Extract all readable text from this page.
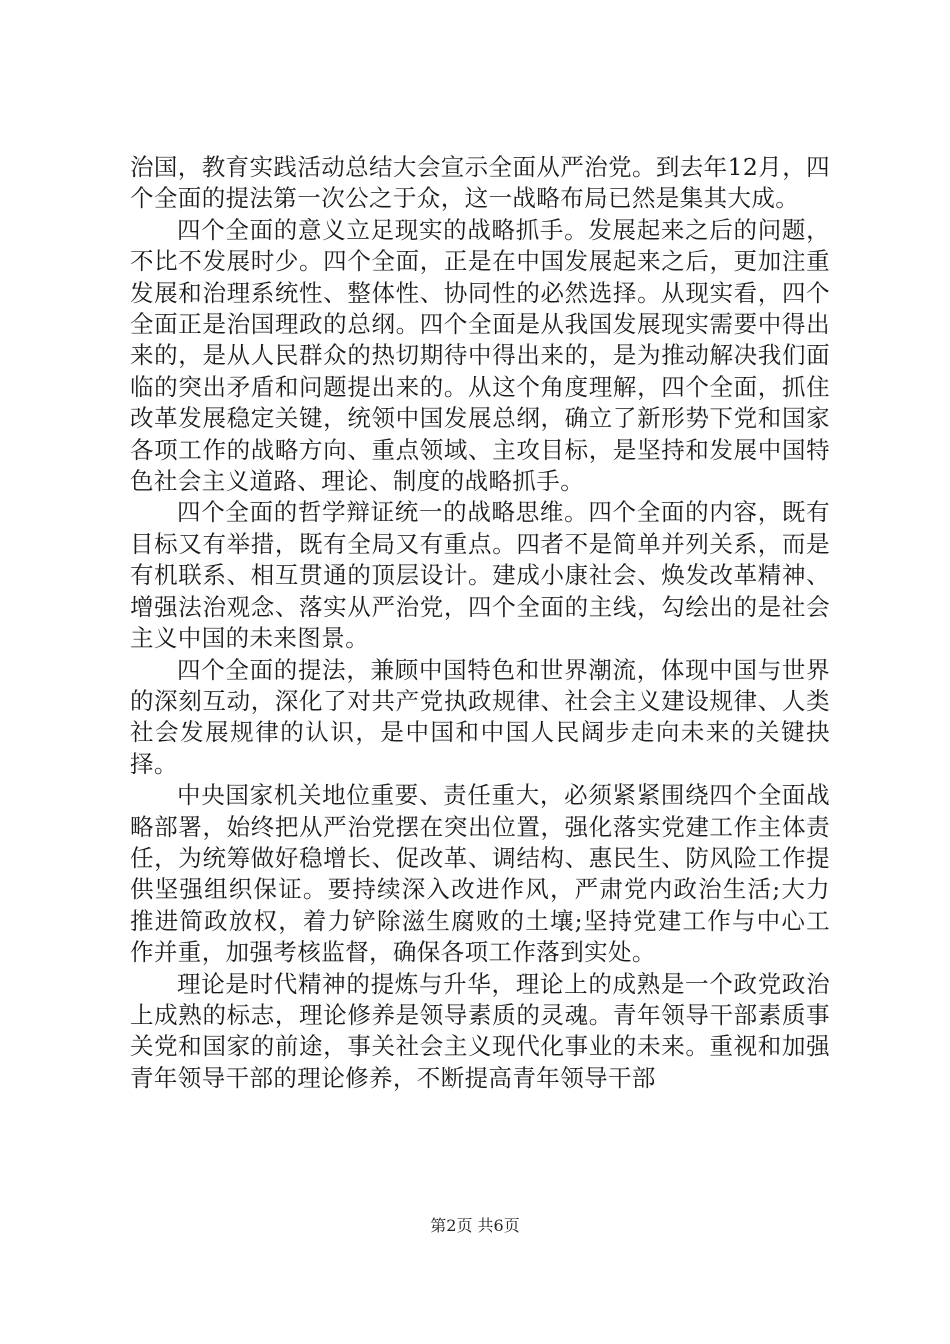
治国，教育实践活动总结大会宣示全面从严治党。到去年12月，四个全面的提法第一次公之于众，这一战略布局已然是集其大成。

四个全面的意义立足现实的战略抓手。发展起来之后的问题，不比不发展时少。四个全面，正是在中国发展起来之后，更加注重发展和治理系统性、整体性、协同性的必然选择。从现实看，四个全面正是治国理政的总纲。四个全面是从我国发展现实需要中得出来的，是从人民群众的热切期待中得出来的，是为推动解决我们面临的突出矛盾和问题提出来的。从这个角度理解，四个全面，抓住改革发展稳定关键，统领中国发展总纲，确立了新形势下党和国家各项工作的战略方向、重点领域、主攻目标，是坚持和发展中国特色社会主义道路、理论、制度的战略抓手。

四个全面的哲学辩证统一的战略思维。四个全面的内容，既有目标又有举措，既有全局又有重点。四者不是简单并列关系，而是有机联系、相互贯通的顶层设计。建成小康社会、焕发改革精神、增强法治观念、落实从严治党，四个全面的主线，勾绘出的是社会主义中国的未来图景。

四个全面的提法，兼顾中国特色和世界潮流，体现中国与世界的深刻互动，深化了对共产党执政规律、社会主义建设规律、人类社会发展规律的认识，是中国和中国人民阔步走向未来的关键抉择。

中央国家机关地位重要、责任重大，必须紧紧围绕四个全面战略部署，始终把从严治党摆在突出位置，强化落实党建工作主体责任，为统筹做好稳增长、促改革、调结构、惠民生、防风险工作提供坚强组织保证。要持续深入改进作风，严肃党内政治生活;大力推进简政放权，着力铲除滋生腐败的土壤;坚持党建工作与中心工作并重，加强考核监督，确保各项工作落到实处。

理论是时代精神的提炼与升华，理论上的成熟是一个政党政治上成熟的标志，理论修养是领导素质的灵魂。青年领导干部素质事关党和国家的前途，事关社会主义现代化事业的未来。重视和加强青年领导干部的理论修养，不断提高青年领导干部

第2页 共6页
